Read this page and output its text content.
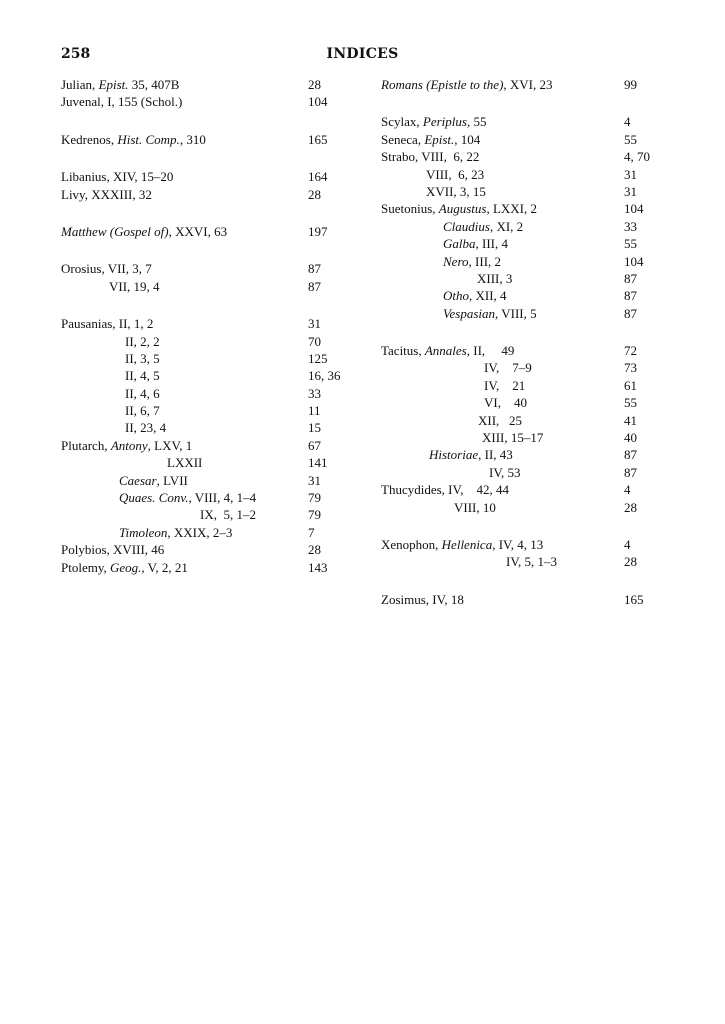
258	INDICES
Julian, Epist. 35, 407B	28
Juvenal, I, 155 (Schol.)	104
Kedrenos, Hist. Comp., 310	165
Libanius, XIV, 15–20	164
Livy, XXXIII, 32	28
Matthew (Gospel of), XXVI, 63	197
Orosius, VII, 3, 7	87
VII, 19, 4	87
Pausanias, II, 1, 2	31
II, 2, 2	70
II, 3, 5	125
II, 4, 5	16, 36
II, 4, 6	33
II, 6, 7	11
II, 23, 4	15
Plutarch, Antony, LXV, 1	67
LXXII	141
Caesar, LVII	31
Quaes. Conv., VIII, 4, 1–4	79
IX,  5, 1–2	79
Timoleon, XXIX, 2–3	7
Polybios, XVIII, 46	28
Ptolemy, Geog., V, 2, 21	143
Romans (Epistle to the), XVI, 23	99
Scylax, Periplus, 55	4
Seneca, Epist., 104	55
Strabo, VIII,  6, 22	4, 70
VIII,  6, 23	31
XVII, 3, 15	31
Suetonius, Augustus, LXXI, 2	104
Claudius, XI, 2	33
Galba, III, 4	55
Nero, III, 2	104
XIII, 3	87
Otho, XII, 4	87
Vespasian, VIII, 5	87
Tacitus, Annales, II,     49	72
IV,    7–9	73
IV,    21	61
VI,    40	55
XII,   25	41
XIII, 15–17	40
Historiae, II, 43	87
IV, 53	87
Thucydides, IV,    42, 44	4
VIII, 10	28
Xenophon, Hellenica, IV, 4, 13	4
IV, 5, 1–3	28
Zosimus, IV, 18	165
